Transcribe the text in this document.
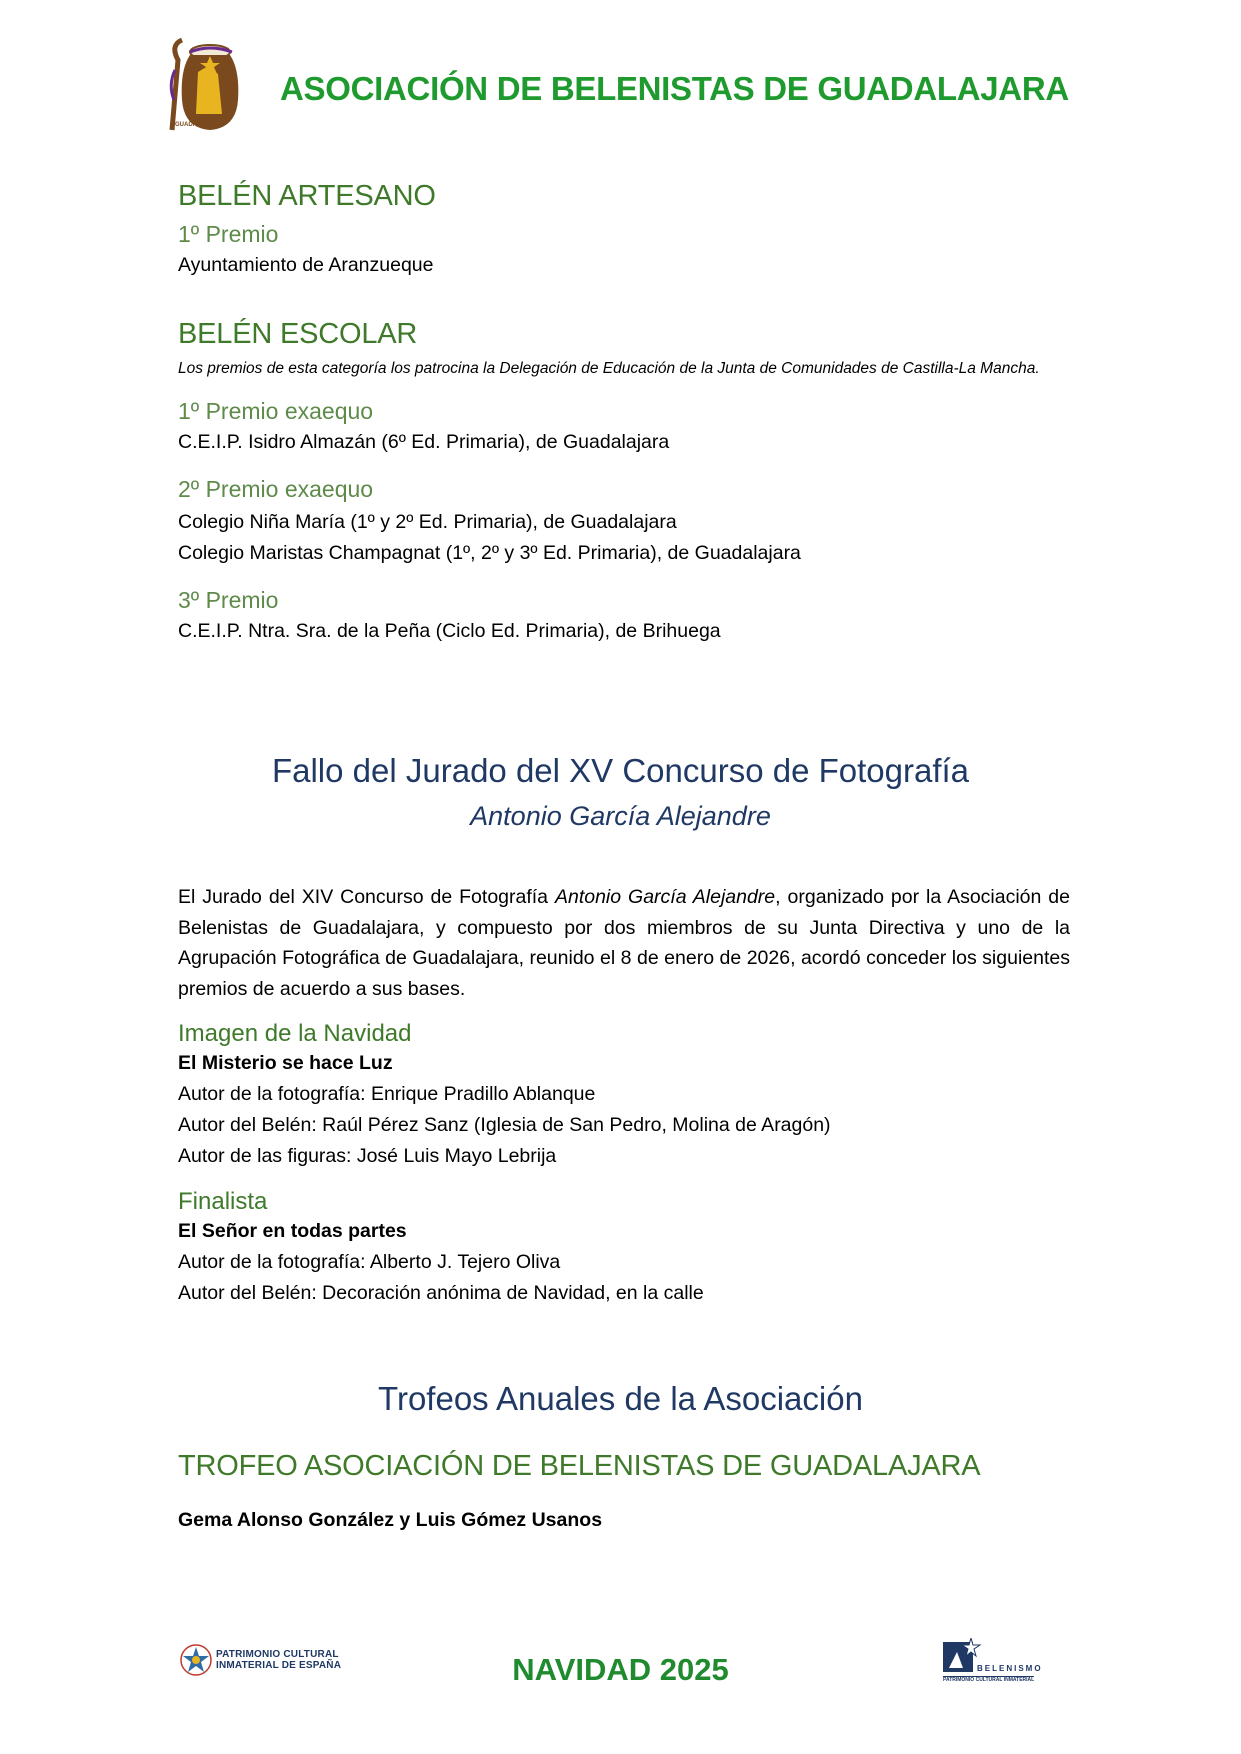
GUADALAJARA
ASOCIACIÓN DE BELENISTAS DE GUADALAJARA
BELÉN ARTESANO

1º Premio

Ayuntamiento de Aranzueque

BELÉN ESCOLAR

Los premios de esta categoría los patrocina la Delegación de Educación de la Junta de Comunidades de Castilla-La Mancha.

1º Premio exaequo

C.E.I.P. Isidro Almazán (6º Ed. Primaria), de Guadalajara

2º Premio exaequo

Colegio Niña María (1º y 2º Ed. Primaria), de Guadalajara

Colegio Maristas Champagnat (1º, 2º y 3º Ed. Primaria), de Guadalajara

3º Premio

C.E.I.P. Ntra. Sra. de la Peña (Ciclo Ed. Primaria), de Brihuega

Fallo del Jurado del XV Concurso de Fotografía
Antonio García Alejandre

El Jurado del XIV Concurso de Fotografía Antonio García Alejandre, organizado por la Asociación de Belenistas de Guadalajara, y compuesto por dos miembros de su Junta Directiva y uno de la Agrupación Fotográfica de Guadalajara, reunido el 8 de enero de 2026, acordó conceder los siguientes premios de acuerdo a sus bases.

Imagen de la Navidad

El Misterio se hace Luz

Autor de la fotografía: Enrique Pradillo Ablanque

Autor del Belén: Raúl Pérez Sanz (Iglesia de San Pedro, Molina de Aragón)

Autor de las figuras: José Luis Mayo Lebrija

Finalista

El Señor en todas partes

Autor de la fotografía: Alberto J. Tejero Oliva

Autor del Belén: Decoración anónima de Navidad, en la calle

Trofeos Anuales de la Asociación
TROFEO ASOCIACIÓN DE BELENISTAS DE GUADALAJARA

Gema Alonso González y Luis Gómez Usanos

PATRIMONIO CULTURAL
INMATERIAL DE ESPAÑA	NAVIDAD 2025	BELENISMO
PATRIMONIO CULTURAL INMATERIAL
